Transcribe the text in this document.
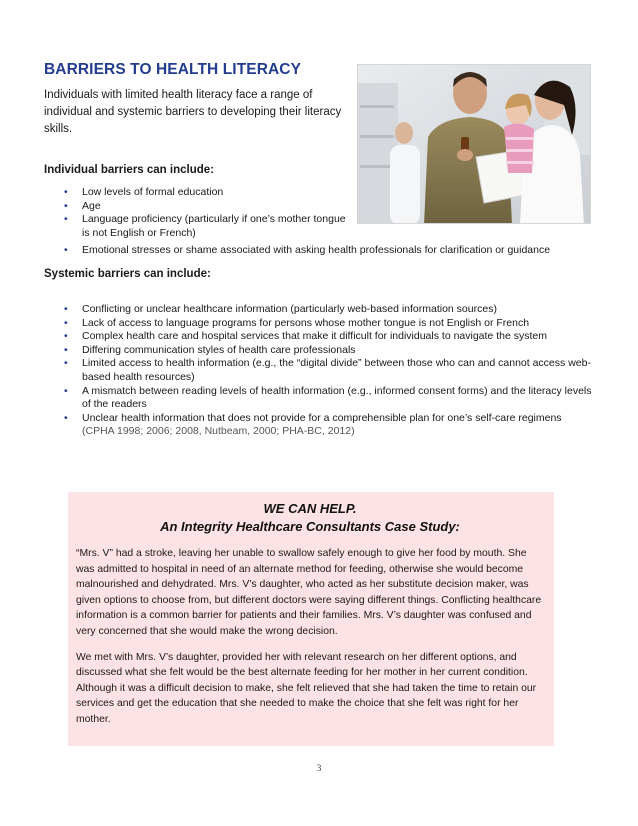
BARRIERS TO HEALTH LITERACY

Individuals with limited health literacy face a range of individual and systemic barriers to developing their literacy skills.

Individual barriers can include:
• Low levels of formal education
• Age
• Language proficiency (particularly if one’s mother tongue is not English or French)
• Emotional stresses or shame associated with asking health professionals for clarification or guidance
Systemic barriers can include:
• Conflicting or unclear healthcare information (particularly web-based information sources)
• Lack of access to language programs for persons whose mother tongue is not English or French
• Complex health care and hospital services that make it difficult for individuals to navigate the system
• Differing communication styles of health care professionals
• Limited access to health information (e.g., the “digital divide” between those who can and cannot access web-based health resources)
• A mismatch between reading levels of health information (e.g., informed consent forms) and the literacy levels of the readers
• Unclear health information that does not provide for a comprehensible plan for one’s self-care regimens
(CPHA 1998; 2006; 2008, Nutbeam, 2000; PHA-BC, 2012)

WE CAN HELP.

An Integrity Healthcare Consultants Case Study:

“Mrs. V” had a stroke, leaving her unable to swallow safely enough to give her food by mouth. She was admitted to hospital in need of an alternate method for feeding, otherwise she would become malnourished and dehydrated. Mrs. V’s daughter, who acted as her substitute decision maker, was given options to choose from, but different doctors were saying different things. Conflicting healthcare information is a common barrier for patients and their families. Mrs. V’s daughter was confused and very concerned that she would make the wrong decision.

We met with Mrs. V’s daughter, provided her with relevant research on her different options, and discussed what she felt would be the best alternate feeding for her mother in her current condition. Although it was a difficult decision to make, she felt relieved that she had taken the time to retain our services and get the education that she needed to make the choice that she felt was right for her mother.

3
